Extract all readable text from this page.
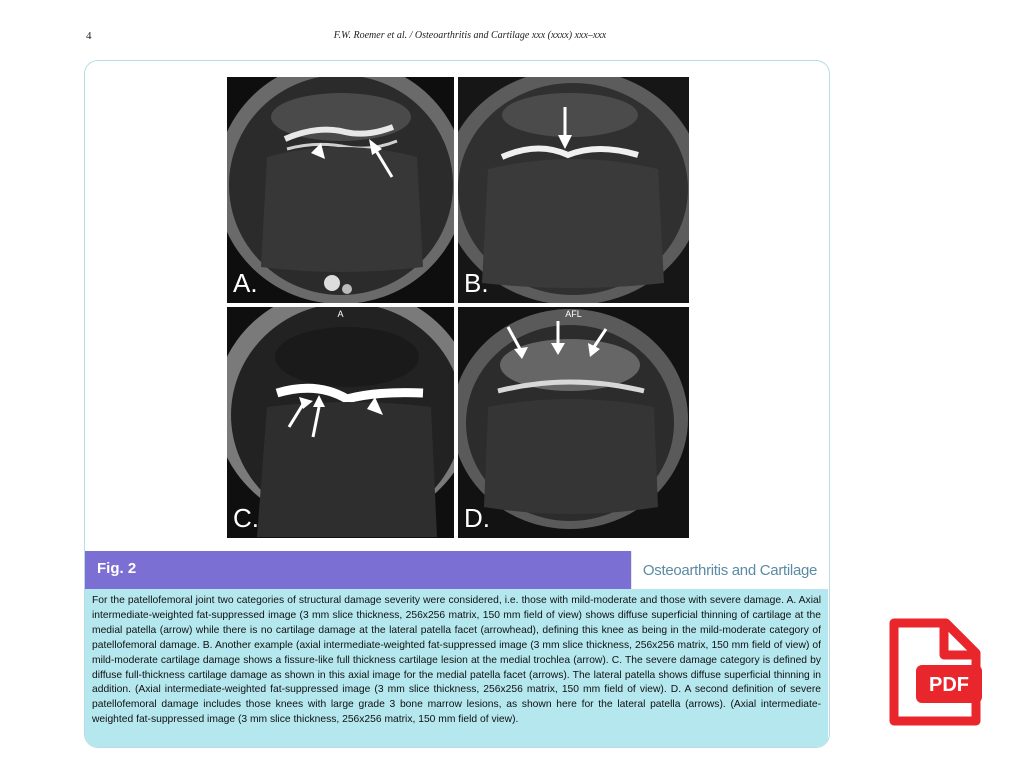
4	F.W. Roemer et al. / Osteoarthritis and Cartilage xxx (xxxx) xxx–xxx
A.	B.
A
C.
AFL
D.
Fig. 2	Osteoarthritis and Cartilage
For the patellofemoral joint two categories of structural damage severity were considered, i.e. those with mild-moderate and those with severe damage. A. Axial intermediate-weighted fat-suppressed image (3 mm slice thickness, 256x256 matrix, 150 mm field of view) shows diffuse superficial thinning of cartilage at the medial patella (arrow) while there is no cartilage damage at the lateral patella facet (arrowhead), defining this knee as being in the mild-moderate category of patellofemoral damage. B. Another example (axial intermediate-weighted fat-suppressed image (3 mm slice thickness, 256x256 matrix, 150 mm field of view) of mild-moderate cartilage damage shows a fissure-like full thickness cartilage lesion at the medial trochlea (arrow). C. The severe damage category is defined by diffuse full-thickness cartilage damage as shown in this axial image for the medial patella facet (arrows). The lateral patella shows diffuse superficial thinning in addition. (Axial intermediate-weighted fat-suppressed image (3 mm slice thickness, 256x256 matrix, 150 mm field of view). D. A second definition of severe patellofemoral damage includes those knees with large grade 3 bone marrow lesions, as shown here for the lateral patella (arrows). (Axial intermediate-weighted fat-suppressed image (3 mm slice thickness, 256x256 matrix, 150 mm field of view).
PDF
